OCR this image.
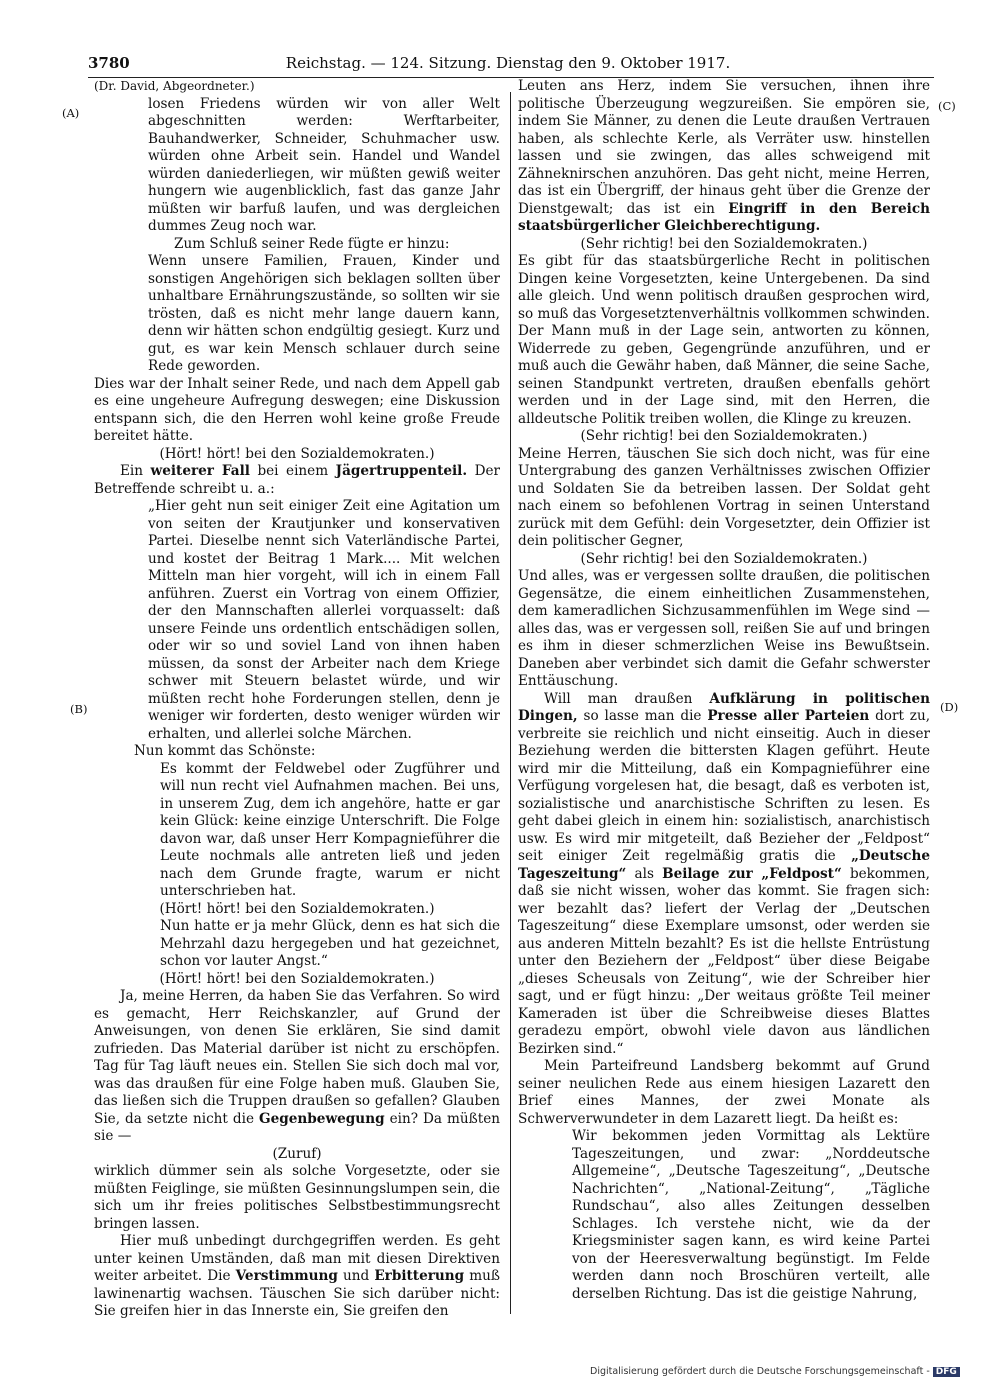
3780	Reichstag. — 124. Sitzung. Dienstag den 9. Oktober 1917.
(A)
(B)
(C)
(D)

(Dr. David, Abgeordneter.)

losen Friedens würden wir von aller Welt abgeschnitten werden: Werftarbeiter, Bauhandwerker, Schneider, Schuhmacher usw. würden ohne Arbeit sein. Handel und Wandel würden daniederliegen, wir müßten gewiß weiter hungern wie augenblicklich, fast das ganze Jahr müßten wir barfuß laufen, und was dergleichen dummes Zeug noch war.

Zum Schluß seiner Rede fügte er hinzu:

Wenn unsere Familien, Frauen, Kinder und sonstigen Angehörigen sich beklagen sollten über unhaltbare Ernährungszustände, so sollten wir sie trösten, daß es nicht mehr lange dauern kann, denn wir hätten schon endgültig gesiegt. Kurz und gut, es war kein Mensch schlauer durch seine Rede geworden.

Dies war der Inhalt seiner Rede, und nach dem Appell gab es eine ungeheure Aufregung deswegen; eine Diskussion entspann sich, die den Herren wohl keine große Freude bereitet hätte.

(Hört! hört! bei den Sozialdemokraten.)

Ein weiterer Fall bei einem Jägertruppenteil. Der Betreffende schreibt u. a.:

„Hier geht nun seit einiger Zeit eine Agitation um von seiten der Krautjunker und konservativen Partei. Dieselbe nennt sich Vaterländische Partei, und kostet der Beitrag 1 Mark.... Mit welchen Mitteln man hier vorgeht, will ich in einem Fall anführen. Zuerst ein Vortrag von einem Offizier, der den Mannschaften allerlei vorquasselt: daß unsere Feinde uns ordentlich entschädigen sollen, oder wir so und soviel Land von ihnen haben müssen, da sonst der Arbeiter nach dem Kriege schwer mit Steuern belastet würde, und wir müßten recht hohe Forderungen stellen, denn je weniger wir forderten, desto weniger würden wir erhalten, und allerlei solche Märchen.

Nun kommt das Schönste:

Es kommt der Feldwebel oder Zugführer und will nun recht viel Aufnahmen machen. Bei uns, in unserem Zug, dem ich angehöre, hatte er gar kein Glück: keine einzige Unterschrift. Die Folge davon war, daß unser Herr Kompagnieführer die Leute nochmals alle antreten ließ und jeden nach dem Grunde fragte, warum er nicht unterschrieben hat.

(Hört! hört! bei den Sozialdemokraten.)

Nun hatte er ja mehr Glück, denn es hat sich die Mehrzahl dazu hergegeben und hat gezeichnet, schon vor lauter Angst.“

(Hört! hört! bei den Sozialdemokraten.)

Ja, meine Herren, da haben Sie das Verfahren. So wird es gemacht, Herr Reichskanzler, auf Grund der Anweisungen, von denen Sie erklären, Sie sind damit zufrieden. Das Material darüber ist nicht zu erschöpfen. Tag für Tag läuft neues ein. Stellen Sie sich doch mal vor, was das draußen für eine Folge haben muß. Glauben Sie, das ließen sich die Truppen draußen so gefallen? Glauben Sie, da setzte nicht die Gegenbewegung ein? Da müßten sie —

(Zuruf)

wirklich dümmer sein als solche Vorgesetzte, oder sie müßten Feiglinge, sie müßten Gesinnungslumpen sein, die sich um ihr freies politisches Selbstbestimmungsrecht bringen lassen.

Hier muß unbedingt durchgegriffen werden. Es geht unter keinen Umständen, daß man mit diesen Direktiven weiter arbeitet. Die Verstimmung und Erbitterung muß lawinenartig wachsen. Täuschen Sie sich darüber nicht: Sie greifen hier in das Innerste ein, Sie greifen den

Leuten ans Herz, indem Sie versuchen, ihnen ihre politische Überzeugung wegzureißen. Sie empören sie, indem Sie Männer, zu denen die Leute draußen Vertrauen haben, als schlechte Kerle, als Verräter usw. hinstellen lassen und sie zwingen, das alles schweigend mit Zähneknirschen anzuhören. Das geht nicht, meine Herren, das ist ein Übergriff, der hinaus geht über die Grenze der Dienstgewalt; das ist ein Eingriff in den Bereich staatsbürgerlicher Gleichberechtigung.

(Sehr richtig! bei den Sozialdemokraten.)

Es gibt für das staatsbürgerliche Recht in politischen Dingen keine Vorgesetzten, keine Untergebenen. Da sind alle gleich. Und wenn politisch draußen gesprochen wird, so muß das Vorgesetztenverhältnis vollkommen schwinden. Der Mann muß in der Lage sein, antworten zu können, Widerrede zu geben, Gegengründe anzuführen, und er muß auch die Gewähr haben, daß Männer, die seine Sache, seinen Standpunkt vertreten, draußen ebenfalls gehört werden und in der Lage sind, mit den Herren, die alldeutsche Politik treiben wollen, die Klinge zu kreuzen.

(Sehr richtig! bei den Sozialdemokraten.)

Meine Herren, täuschen Sie sich doch nicht, was für eine Untergrabung des ganzen Verhältnisses zwischen Offizier und Soldaten Sie da betreiben lassen. Der Soldat geht nach einem so befohlenen Vortrag in seinen Unterstand zurück mit dem Gefühl: dein Vorgesetzter, dein Offizier ist dein politischer Gegner,

(Sehr richtig! bei den Sozialdemokraten.)

Und alles, was er vergessen sollte draußen, die politischen Gegensätze, die einem einheitlichen Zusammenstehen, dem kameradlichen Sichzusammenfühlen im Wege sind — alles das, was er vergessen soll, reißen Sie auf und bringen es ihm in dieser schmerzlichen Weise ins Bewußtsein. Daneben aber verbindet sich damit die Gefahr schwerster Enttäuschung.

Will man draußen Aufklärung in politischen Dingen, so lasse man die Presse aller Parteien dort zu, verbreite sie reichlich und nicht einseitig. Auch in dieser Beziehung werden die bittersten Klagen geführt. Heute wird mir die Mitteilung, daß ein Kompagnieführer eine Verfügung vorgelesen hat, die besagt, daß es verboten ist, sozialistische und anarchistische Schriften zu lesen. Es geht dabei gleich in einem hin: sozialistisch, anarchistisch usw. Es wird mir mitgeteilt, daß Bezieher der „Feldpost“ seit einiger Zeit regelmäßig gratis die „Deutsche Tageszeitung“ als Beilage zur „Feldpost“ bekommen, daß sie nicht wissen, woher das kommt. Sie fragen sich: wer bezahlt das? liefert der Verlag der „Deutschen Tageszeitung“ diese Exemplare umsonst, oder werden sie aus anderen Mitteln bezahlt? Es ist die hellste Entrüstung unter den Beziehern der „Feldpost“ über diese Beigabe „dieses Scheusals von Zeitung“, wie der Schreiber hier sagt, und er fügt hinzu: „Der weitaus größte Teil meiner Kameraden ist über die Schreibweise dieses Blattes geradezu empört, obwohl viele davon aus ländlichen Bezirken sind.“

Mein Parteifreund Landsberg bekommt auf Grund seiner neulichen Rede aus einem hiesigen Lazarett den Brief eines Mannes, der zwei Monate als Schwerverwundeter in dem Lazarett liegt. Da heißt es:

Wir bekommen jeden Vormittag als Lektüre Tageszeitungen, und zwar: „Norddeutsche Allgemeine“, „Deutsche Tageszeitung“, „Deutsche Nachrichten“, „National-Zeitung“, „Tägliche Rundschau“, also alles Zeitungen desselben Schlages. Ich verstehe nicht, wie da der Kriegsminister sagen kann, es wird keine Partei von der Heeresverwaltung begünstigt. Im Felde werden dann noch Broschüren verteilt, alle derselben Richtung. Das ist die geistige Nahrung,

Digitalisierung gefördert durch die Deutsche Forschungsgemeinschaft - DFG
